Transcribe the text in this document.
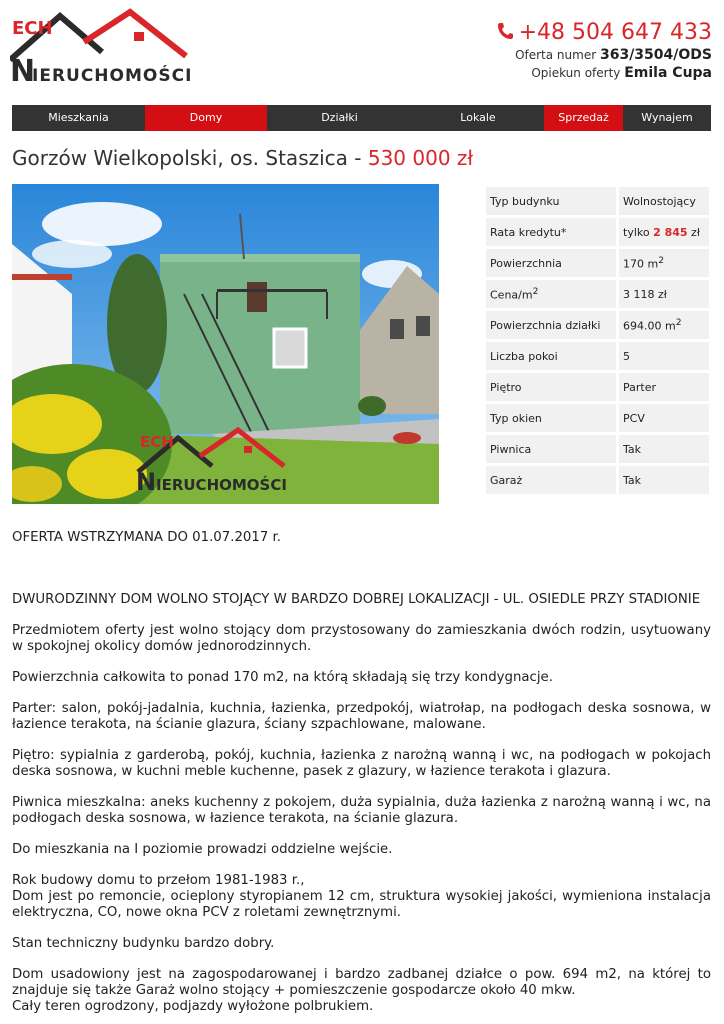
ECH
N
IERUCHOMOŚCI
+48 504 647 433
Oferta numer 363/3504/ODS
Opiekun oferty Emila Cupa
Mieszkania	Domy	Działki	Lokale	Sprzedaż	Wynajem
Gorzów Wielkopolski, os. Staszica - 530 000 zł
ECH
N IERUCHOMOŚCI
Typ budynku	Wolnostojący
Rata kredytu*	tylko 2 845 zł
Powierzchnia	170 $m^2$
Cena/$m^2$	3 118 zł
Powierzchnia działki	694.00 $m^2$
Liczba pokoi	5
Piętro	Parter
Typ okien	PCV
Piwnica	Tak
Garaż	Tak

OFERTA WSTRZYMANA DO 01.07.2017 r.

DWURODZINNY DOM WOLNO STOJĄCY W BARDZO DOBREJ LOKALIZACJI - UL. OSIEDLE PRZY STADIONIE

Przedmiotem oferty jest wolno stojący dom przystosowany do zamieszkania dwóch rodzin, usytuowany w spokojnej okolicy domów jednorodzinnych.

Powierzchnia całkowita to ponad 170 m2, na którą składają się trzy kondygnacje.

Parter: salon, pokój-jadalnia, kuchnia, łazienka, przedpokój, wiatrołap, na podłogach deska sosnowa, w łazience terakota, na ścianie glazura, ściany szpachlowane, malowane.

Piętro: sypialnia z garderobą, pokój, kuchnia, łazienka z narożną wanną i wc, na podłogach w pokojach deska sosnowa, w kuchni meble kuchenne, pasek z glazury, w łazience terakota i glazura.

Piwnica mieszkalna: aneks kuchenny z pokojem, duża sypialnia, duża łazienka z narożną wanną i wc, na podłogach deska sosnowa, w łazience terakota, na ścianie glazura.

Do mieszkania na I poziomie prowadzi oddzielne wejście.

Rok budowy domu to przełom 1981-1983 r.,
Dom jest po remoncie, ocieplony styropianem 12 cm, struktura wysokiej jakości, wymieniona instalacja elektryczna, CO, nowe okna PCV z roletami zewnętrznymi.

Stan techniczny budynku bardzo dobry.

Dom usadowiony jest na zagospodarowanej i bardzo zadbanej działce o pow. 694 m2, na której to znajduje się także Garaż wolno stojący + pomieszczenie gospodarcze około 40 mkw.
Cały teren ogrodzony, podjazdy wyłożone polbrukiem.
